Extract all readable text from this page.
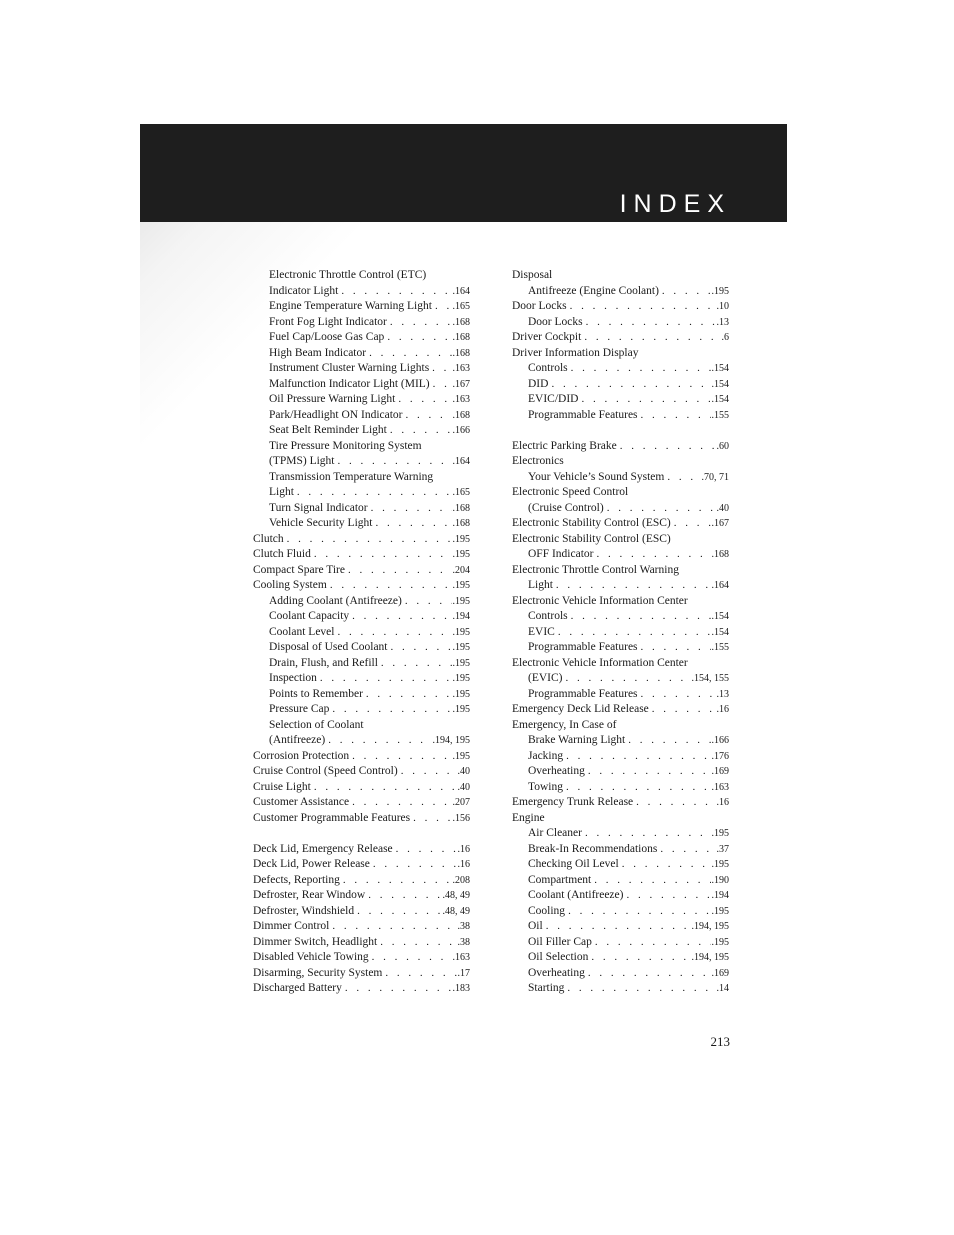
INDEX
Electronic Throttle Control (ETC)
Indicator Light . . .	.164
Engine Temperature Warning Light . . . .165
Front Fog Light Indicator . . .	.168
Fuel Cap/Loose Gas Cap . . .	.168
High Beam Indicator . . .	.168
Instrument Cluster Warning Lights . . . .163
Malfunction Indicator Light (MIL) . . . .167
Oil Pressure Warning Light . . .	.163
Park/Headlight ON Indicator . . .	.168
Seat Belt Reminder Light . . .	.166
Tire Pressure Monitoring System
(TPMS) Light . . .	.164
Transmission Temperature Warning
Light . . .	.165
Turn Signal Indicator . . .	.168
Vehicle Security Light . . .	.168
Clutch . . .	.195
Clutch Fluid . . .	.195
Compact Spare Tire . . .	.204
Cooling System . . .	.195
Adding Coolant (Antifreeze) . . .	.195
Coolant Capacity . . .	.194
Coolant Level . . .	.195
Disposal of Used Coolant . . .	.195
Drain, Flush, and Refill . . .	.195
Inspection . . .	.195
Points to Remember . . .	.195
Pressure Cap . . .	.195
Selection of Coolant
(Antifreeze) . . .	.194, 195
Corrosion Protection . . .	.195
Cruise Control (Speed Control) . . .	.40
Cruise Light . . .	.40
Customer Assistance . . .	.207
Customer Programmable Features . . .	.156
Deck Lid, Emergency Release . . .	.16
Deck Lid, Power Release . . .	.16
Defects, Reporting . . .	.208
Defroster, Rear Window . . .	.48, 49
Defroster, Windshield . . .	.48, 49
Dimmer Control . . .	.38
Dimmer Switch, Headlight . . .	.38
Disabled Vehicle Towing . . .	.163
Disarming, Security System . . .	.17
Discharged Battery . . .	.183
Disposal
Antifreeze (Engine Coolant) . . .	.195
Door Locks . . .	.10
Door Locks . . .	.13
Driver Cockpit . . .	.6
Driver Information Display
Controls . . .	.154
DID . . .	.154
EVIC/DID . . .	.154
Programmable Features . . .	.155
Electric Parking Brake . . .	.60
Electronics
Your Vehicle’s Sound System . . .	.70, 71
Electronic Speed Control
(Cruise Control) . . .	.40
Electronic Stability Control (ESC) . . .	.167
Electronic Stability Control (ESC)
OFF Indicator . . .	.168
Electronic Throttle Control Warning
Light . . .	.164
Electronic Vehicle Information Center
Controls . . .	.154
EVIC . . .	.154
Programmable Features . . .	.155
Electronic Vehicle Information Center
(EVIC) . . .	.154, 155
Programmable Features . . .	.13
Emergency Deck Lid Release . . .	.16
Emergency, In Case of
Brake Warning Light . . .	.166
Jacking . . .	.176
Overheating . . .	.169
Towing . . .	.163
Emergency Trunk Release . . .	.16
Engine
Air Cleaner . . .	.195
Break-In Recommendations . . .	.37
Checking Oil Level . . .	.195
Compartment . . .	.190
Coolant (Antifreeze) . . .	.194
Cooling . . .	.195
Oil . . .	.194, 195
Oil Filler Cap . . .	.195
Oil Selection . . .	.194, 195
Overheating . . .	.169
Starting . . .	.14
213
